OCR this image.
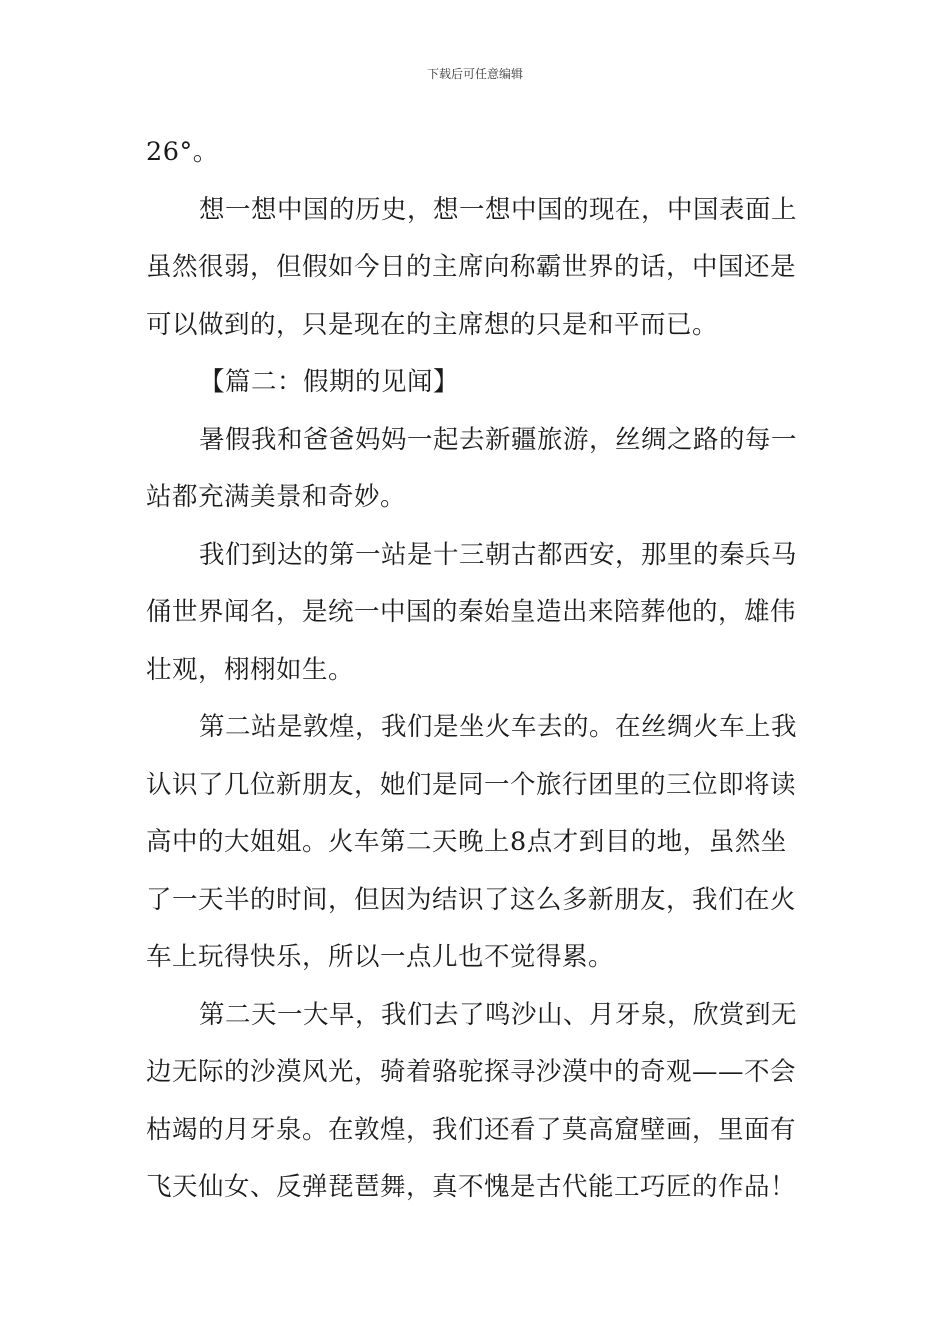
下载后可任意编辑
26°。
想一想中国的历史，想一想中国的现在，中国表面上
虽然很弱，但假如今日的主席向称霸世界的话，中国还是
可以做到的，只是现在的主席想的只是和平而已。
【篇二：假期的见闻】
暑假我和爸爸妈妈一起去新疆旅游，丝绸之路的每一
站都充满美景和奇妙。
我们到达的第一站是十三朝古都西安，那里的秦兵马
俑世界闻名，是统一中国的秦始皇造出来陪葬他的，雄伟
壮观，栩栩如生。
第二站是敦煌，我们是坐火车去的。在丝绸火车上我
认识了几位新朋友，她们是同一个旅行团里的三位即将读
高中的大姐姐。火车第二天晚上8点才到目的地，虽然坐
了一天半的时间，但因为结识了这么多新朋友，我们在火
车上玩得快乐，所以一点儿也不觉得累。
第二天一大早，我们去了鸣沙山、月牙泉，欣赏到无
边无际的沙漠风光，骑着骆驼探寻沙漠中的奇观——不会
枯竭的月牙泉。在敦煌，我们还看了莫高窟壁画，里面有
飞天仙女、反弹琵琶舞，真不愧是古代能工巧匠的作品！
